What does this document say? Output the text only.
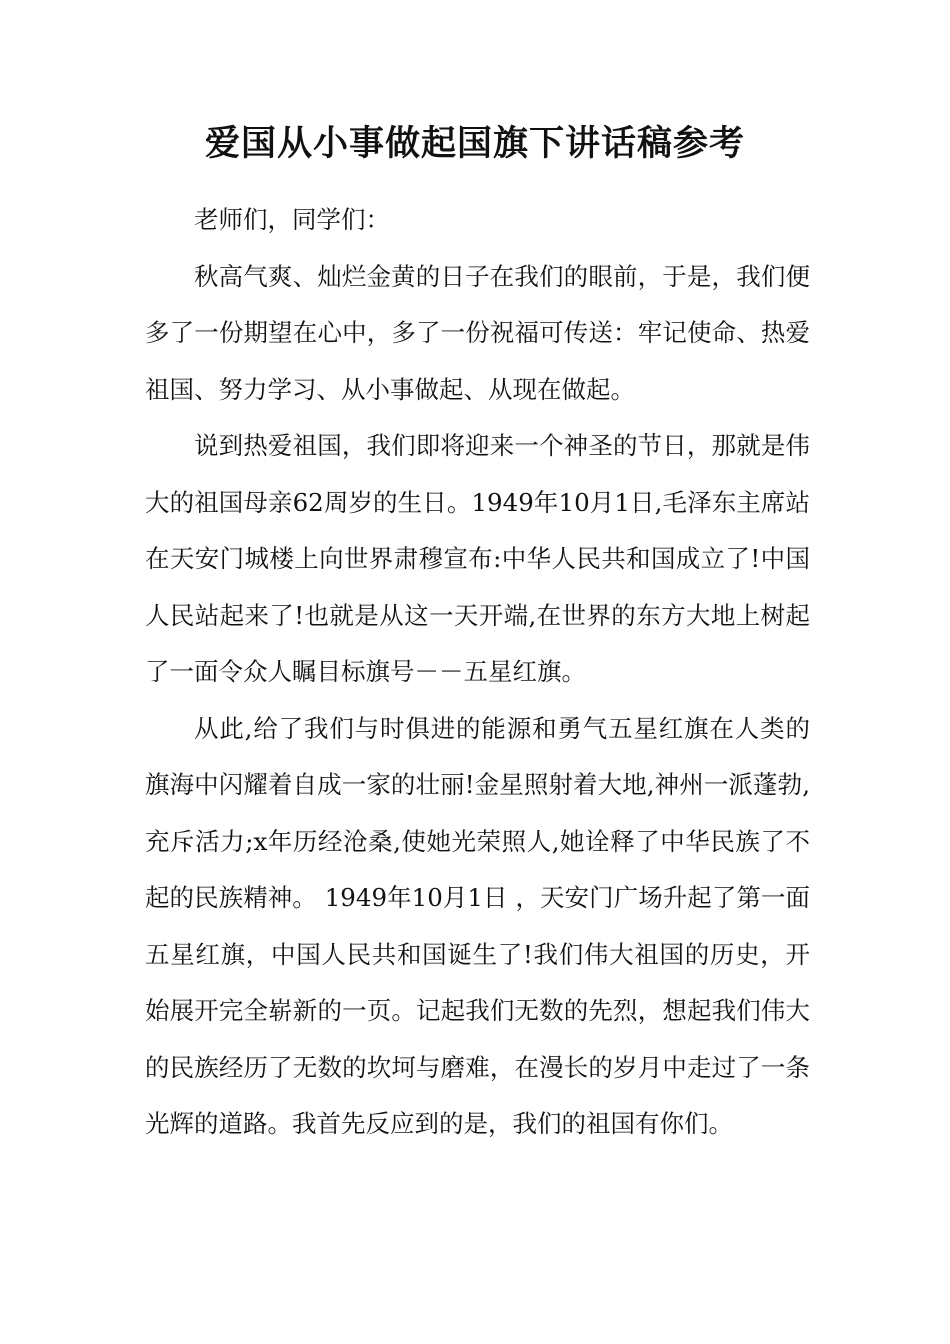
爱国从小事做起国旗下讲话稿参考

老师们，同学们：

秋高气爽、灿烂金黄的日子在我们的眼前，于是，我们便多了一份期望在心中，多了一份祝福可传送：牢记使命、热爱祖国、努力学习、从小事做起、从现在做起。

说到热爱祖国，我们即将迎来一个神圣的节日，那就是伟大的祖国母亲62周岁的生日。1949年10月1日,毛泽东主席站在天安门城楼上向世界肃穆宣布:中华人民共和国成立了!中国人民站起来了!也就是从这一天开端,在世界的东方大地上树起了一面令众人瞩目标旗号－－五星红旗。

从此,给了我们与时俱进的能源和勇气五星红旗在人类的旗海中闪耀着自成一家的壮丽!金星照射着大地,神州一派蓬勃,充斥活力;x年历经沧桑,使她光荣照人,她诠释了中华民族了不起的民族精神。 1949年10月1日 ，天安门广场升起了第一面五星红旗，中国人民共和国诞生了!我们伟大祖国的历史，开始展开完全崭新的一页。记起我们无数的先烈，想起我们伟大的民族经历了无数的坎坷与磨难，在漫长的岁月中走过了一条光辉的道路。我首先反应到的是，我们的祖国有你们。
